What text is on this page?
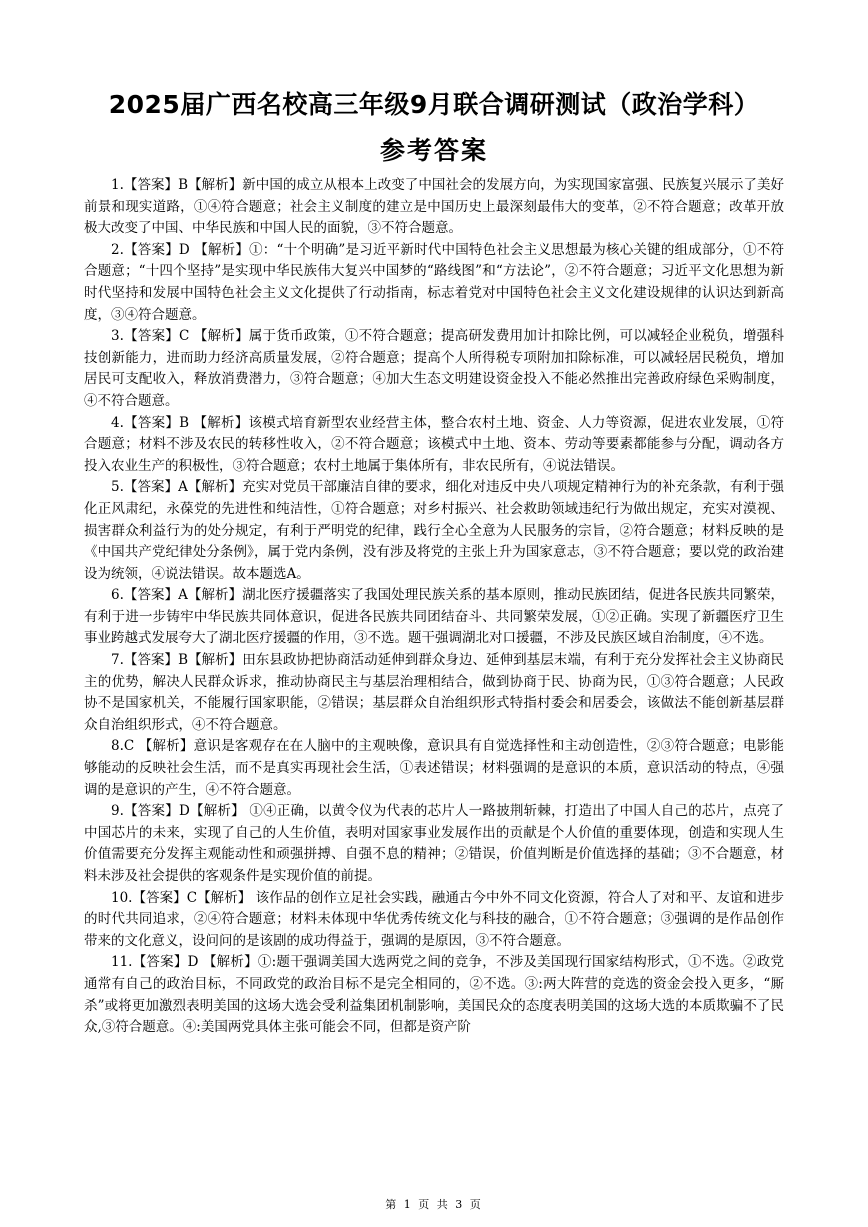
2025届广西名校高三年级9月联合调研测试（政治学科）
参考答案

1.【答案】B【解析】新中国的成立从根本上改变了中国社会的发展方向，为实现国家富强、民族复兴展示了美好前景和现实道路，①④符合题意；社会主义制度的建立是中国历史上最深刻最伟大的变革，②不符合题意；改革开放极大改变了中国、中华民族和中国人民的面貌，③不符合题意。

2.【答案】D 【解析】①：“十个明确”是习近平新时代中国特色社会主义思想最为核心关键的组成部分，①不符合题意；“十四个坚持”是实现中华民族伟大复兴中国梦的“路线图”和“方法论”，②不符合题意；习近平文化思想为新时代坚持和发展中国特色社会主义文化提供了行动指南，标志着党对中国特色社会主义文化建设规律的认识达到新高度，③④符合题意。

3.【答案】C 【解析】属于货币政策，①不符合题意；提高研发费用加计扣除比例，可以减轻企业税负，增强科技创新能力，进而助力经济高质量发展，②符合题意；提高个人所得税专项附加扣除标准，可以减轻居民税负，增加居民可支配收入，释放消费潜力，③符合题意；④加大生态文明建设资金投入不能必然推出完善政府绿色采购制度，④不符合题意。

4.【答案】B 【解析】该模式培育新型农业经营主体，整合农村土地、资金、人力等资源，促进农业发展，①符合题意；材料不涉及农民的转移性收入，②不符合题意；该模式中土地、资本、劳动等要素都能参与分配，调动各方投入农业生产的积极性，③符合题意；农村土地属于集体所有，非农民所有，④说法错误。

5.【答案】A【解析】充实对党员干部廉洁自律的要求，细化对违反中央八项规定精神行为的补充条款，有利于强化正风肃纪，永葆党的先进性和纯洁性，①符合题意；对乡村振兴、社会救助领域违纪行为做出规定，充实对漠视、损害群众利益行为的处分规定，有利于严明党的纪律，践行全心全意为人民服务的宗旨，②符合题意；材料反映的是《中国共产党纪律处分条例》，属于党内条例，没有涉及将党的主张上升为国家意志，③不符合题意；要以党的政治建设为统领，④说法错误。故本题选A。

6.【答案】A【解析】湖北医疗援疆落实了我国处理民族关系的基本原则，推动民族团结，促进各民族共同繁荣，有利于进一步铸牢中华民族共同体意识，促进各民族共同团结奋斗、共同繁荣发展，①②正确。实现了新疆医疗卫生事业跨越式发展夸大了湖北医疗援疆的作用，③不选。题干强调湖北对口援疆，不涉及民族区域自治制度，④不选。

7.【答案】B【解析】田东县政协把协商活动延伸到群众身边、延伸到基层末端，有利于充分发挥社会主义协商民主的优势，解决人民群众诉求，推动协商民主与基层治理相结合，做到协商于民、协商为民，①③符合题意；人民政协不是国家机关，不能履行国家职能，②错误；基层群众自治组织形式特指村委会和居委会，该做法不能创新基层群众自治组织形式，④不符合题意。

8.C 【解析】意识是客观存在在人脑中的主观映像，意识具有自觉选择性和主动创造性，②③符合题意；电影能够能动的反映社会生活，而不是真实再现社会生活，①表述错误；材料强调的是意识的本质，意识活动的特点，④强调的是意识的产生，④不符合题意。

9.【答案】D【解析】 ①④正确，以黄令仪为代表的芯片人一路披荆斩棘，打造出了中国人自己的芯片，点亮了中国芯片的未来，实现了自己的人生价值，表明对国家事业发展作出的贡献是个人价值的重要体现，创造和实现人生价值需要充分发挥主观能动性和顽强拼搏、自强不息的精神；②错误，价值判断是价值选择的基础；③不合题意，材料未涉及社会提供的客观条件是实现价值的前提。

10.【答案】C【解析】 该作品的创作立足社会实践，融通古今中外不同文化资源，符合人了对和平、友谊和进步的时代共同追求，②④符合题意；材料未体现中华优秀传统文化与科技的融合，①不符合题意；③强调的是作品创作带来的文化意义，设问问的是该剧的成功得益于，强调的是原因，③不符合题意。

11.【答案】D 【解析】①:题干强调美国大选两党之间的竞争，不涉及美国现行国家结构形式，①不选。②政党通常有自己的政治目标，不同政党的政治目标不是完全相同的，②不选。③:两大阵营的竞选的资金会投入更多，“厮杀”或将更加激烈表明美国的这场大选会受利益集团机制影响，美国民众的态度表明美国的这场大选的本质欺骗不了民众,③符合题意。④:美国两党具体主张可能会不同，但都是资产阶

第 1 页 共 3 页
